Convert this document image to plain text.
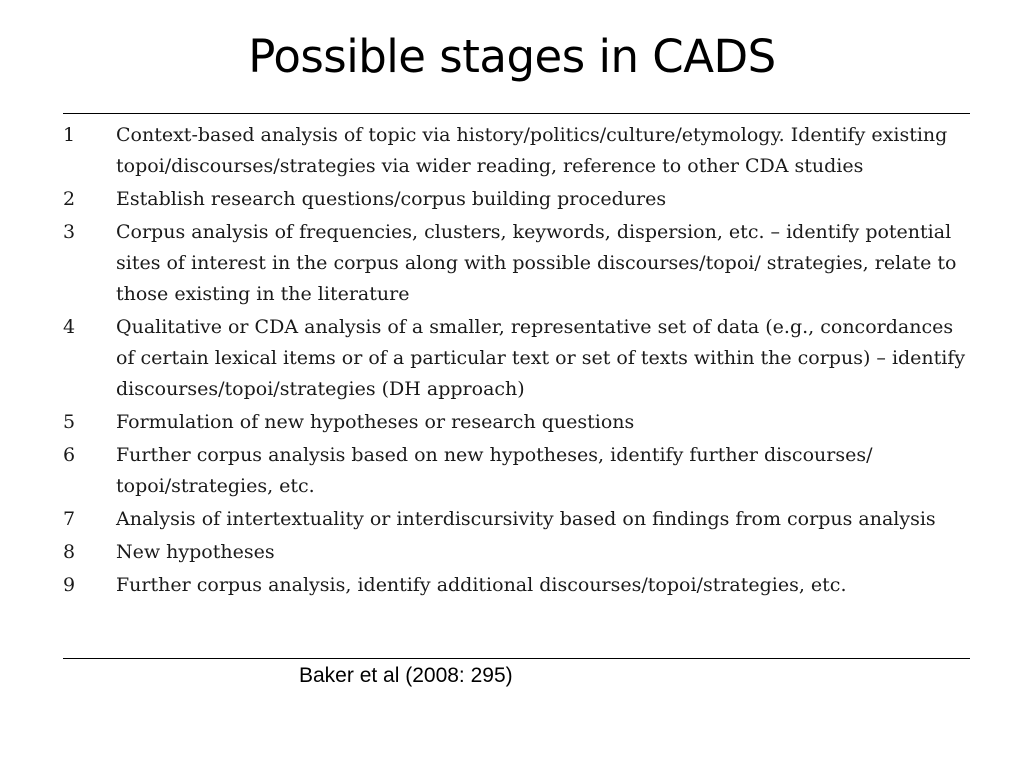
Possible stages in CADS
1 Context-based analysis of topic via history/politics/culture/etymology. Identify existing topoi/discourses/strategies via wider reading, reference to other CDA studies
2 Establish research questions/corpus building procedures
3 Corpus analysis of frequencies, clusters, keywords, dispersion, etc. – identify potential sites of interest in the corpus along with possible discourses/topoi/ strategies, relate to those existing in the literature
4 Qualitative or CDA analysis of a smaller, representative set of data (e.g., concordances of certain lexical items or of a particular text or set of texts within the corpus) – identify discourses/topoi/strategies (DH approach)
5 Formulation of new hypotheses or research questions
6 Further corpus analysis based on new hypotheses, identify further discourses/ topoi/strategies, etc.
7 Analysis of intertextuality or interdiscursivity based on findings from corpus analysis
8 New hypotheses
9 Further corpus analysis, identify additional discourses/topoi/strategies, etc.
Baker et al (2008: 295)
